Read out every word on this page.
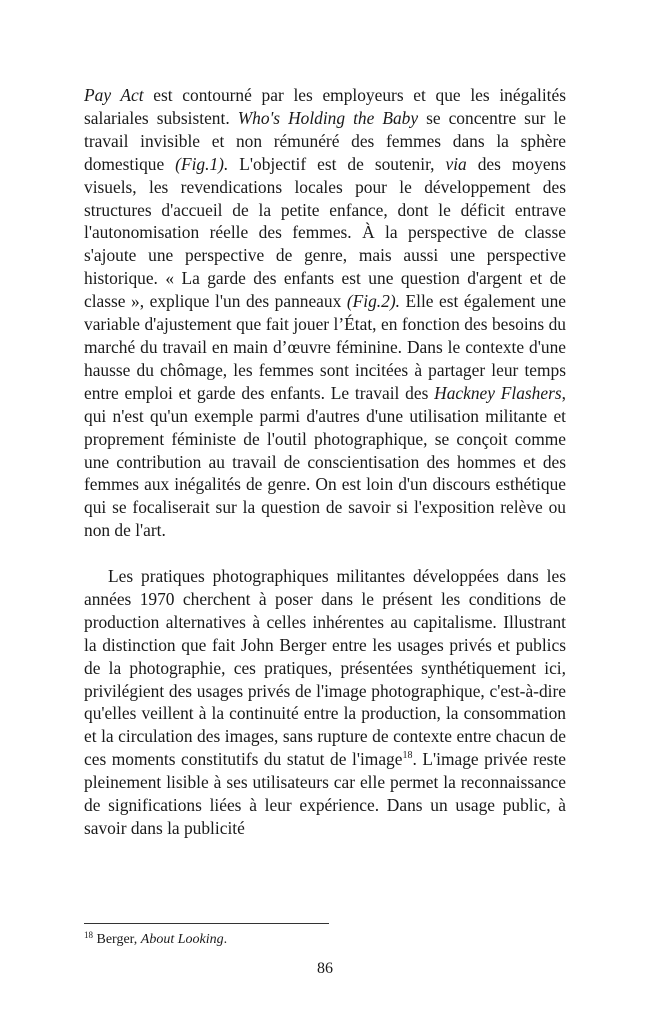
Pay Act est contourné par les employeurs et que les inégalités salariales subsistent. Who's Holding the Baby se concentre sur le travail invisible et non rémunéré des femmes dans la sphère domestique (Fig.1). L'objectif est de soutenir, via des moyens visuels, les revendications locales pour le développement des structures d'accueil de la petite enfance, dont le déficit entrave l'autonomisation réelle des femmes. À la perspective de classe s'ajoute une perspective de genre, mais aussi une perspective historique. « La garde des enfants est une question d'argent et de classe », explique l'un des panneaux (Fig.2). Elle est également une variable d'ajustement que fait jouer l’État, en fonction des besoins du marché du travail en main d’œuvre féminine. Dans le contexte d'une hausse du chômage, les femmes sont incitées à partager leur temps entre emploi et garde des enfants. Le travail des Hackney Flashers, qui n'est qu'un exemple parmi d'autres d'une utilisation militante et proprement féministe de l'outil photographique, se conçoit comme une contribution au travail de conscientisation des hommes et des femmes aux inégalités de genre. On est loin d'un discours esthétique qui se focaliserait sur la question de savoir si l'exposition relève ou non de l'art.

Les pratiques photographiques militantes développées dans les années 1970 cherchent à poser dans le présent les conditions de production alternatives à celles inhérentes au capitalisme. Illustrant la distinction que fait John Berger entre les usages privés et publics de la photographie, ces pratiques, présentées synthétiquement ici, privilégient des usages privés de l'image photographique, c'est-à-dire qu'elles veillent à la continuité entre la production, la consommation et la circulation des images, sans rupture de contexte entre chacun de ces moments constitutifs du statut de l'image$^{18}$. L'image privée reste pleinement lisible à ses utilisateurs car elle permet la reconnaissance de significations liées à leur expérience. Dans un usage public, à savoir dans la publicité

$^{18}$ Berger, About Looking.
86
